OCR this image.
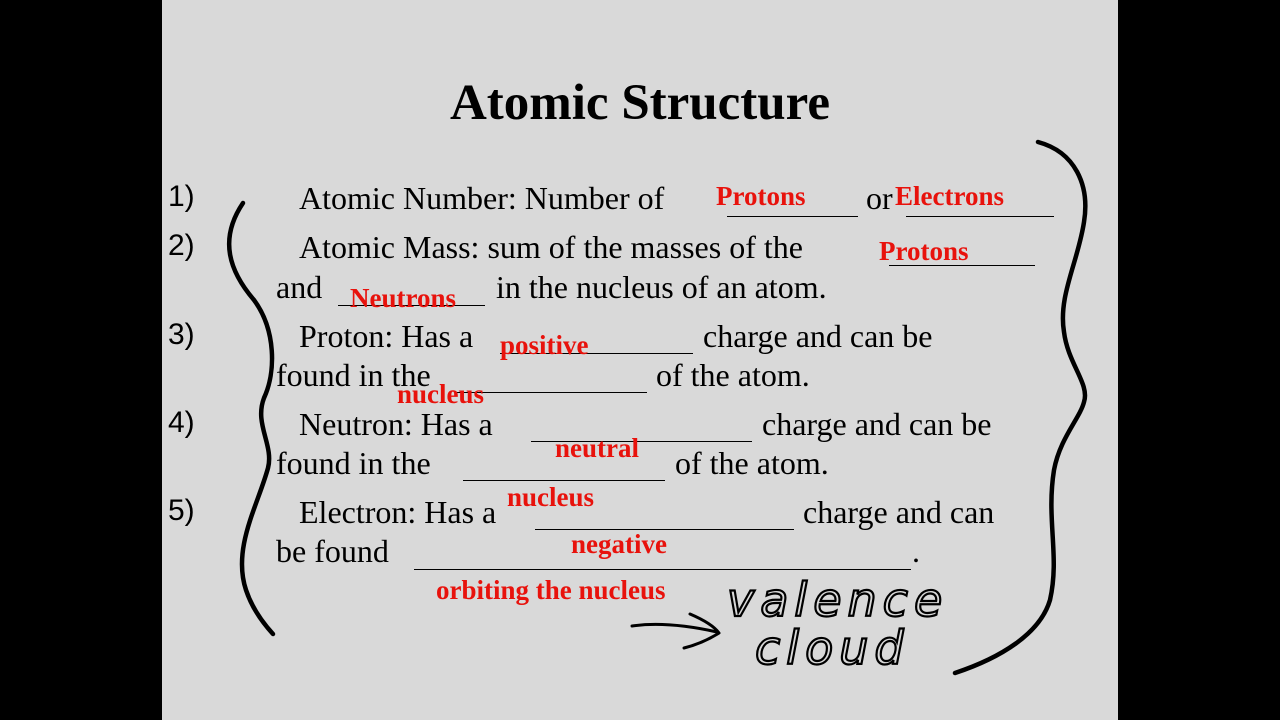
1)
2)
3)
4)
5)
Atomic Structure
Atomic Number: Number of	or
Atomic Mass: sum of the masses of the
and	in the nucleus of an atom.
Proton: Has a	charge and can be
found in the	of the atom.
Neutron: Has a	charge and can be
found in the	of the atom.
Electron: Has a	charge and can
be found	.
Protons	Electrons
Protons
Neutrons
positive
nucleus
neutral
nucleus
negative
orbiting the nucleus valence
cloud
